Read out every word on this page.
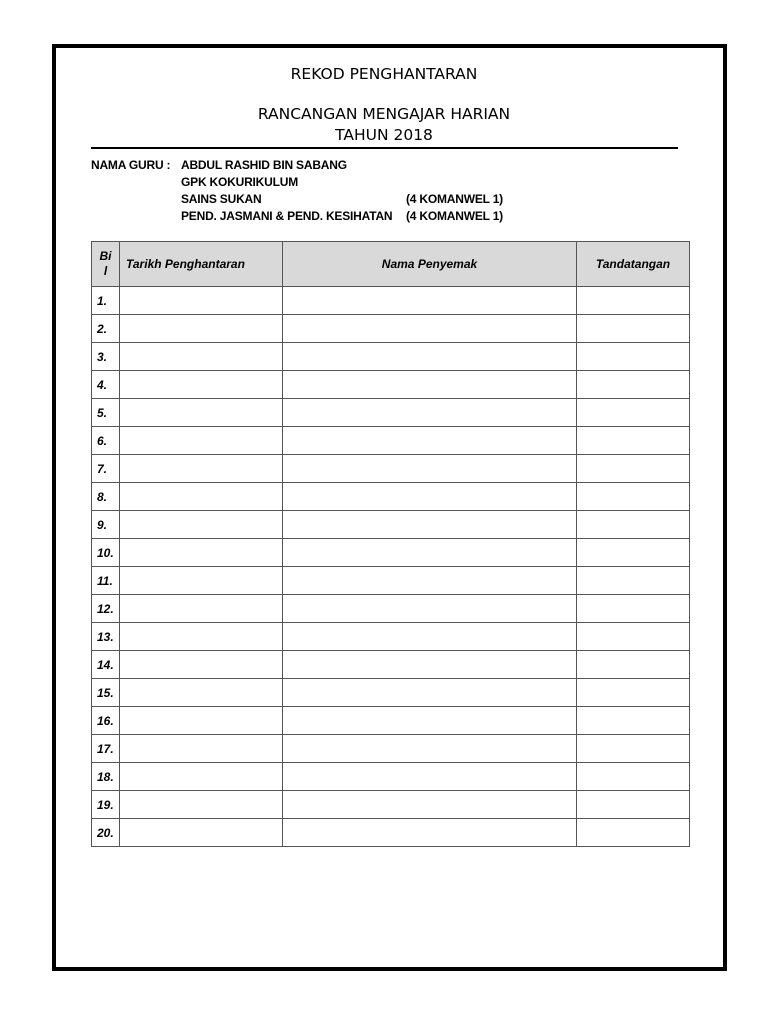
REKOD PENGHANTARAN
RANCANGAN MENGAJAR HARIAN
TAHUN 2018
NAMA GURU : ABDUL RASHID BIN SABANG
GPK KOKURIKULUM
SAINS SUKAN	(4 KOMANWEL 1)
PEND. JASMANI & PEND. KESIHATAN (4 KOMANWEL 1)
Bi
l	Tarikh Penghantaran	Nama Penyemak	Tandatangan
1.			
2.			
3.			
4.			
5.			
6.			
7.			
8.			
9.			
10.			
11.			
12.			
13.			
14.			
15.			
16.			
17.			
18.			
19.			
20.			
